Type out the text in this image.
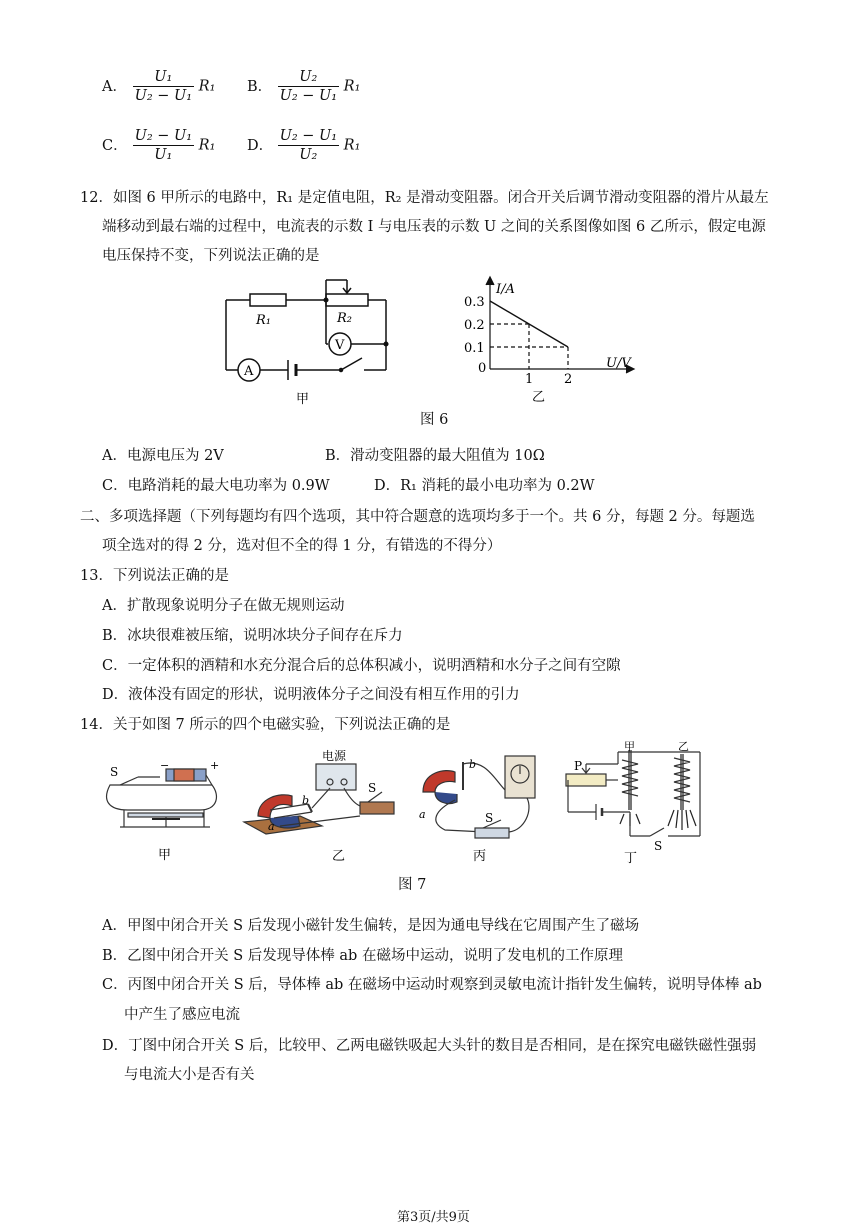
A． $\frac{\text{U₁}}{\text{U₂ − U₁}} R_1$ B． $\frac{\text{U₂}}{\text{U₂ − U₁}} R_1$
C． $\frac{\text{U₂ − U₁}}{\text{U₁}} R_1$ D． $\frac{\text{U₂ − U₁}}{\text{U₂}} R_1$
12．如图 6 甲所示的电路中，R₁ 是定值电阻，R₂ 是滑动变阻器。闭合开关后调节滑动变阻器的滑片从最左
端移动到最右端的过程中，电流表的示数 I 与电压表的示数 U 之间的关系图像如图 6 乙所示，假定电源
电压保持不变，下列说法正确的是
R₁	R₂
A
V
甲
I/A
U/V
0.3
0.2
0.1
0
1 2
乙
图 6
A．电源电压为 2V	B．滑动变阻器的最大阻值为 10Ω
C．电路消耗的最大电功率为 0.9W	D．R₁ 消耗的最小电功率为 0.2W
二、多项选择题（下列每题均有四个选项，其中符合题意的选项均多于一个。共 6 分，每题 2 分。每题选
项全选对的得 2 分，选对但不全的得 1 分，有错选的不得分）
13．下列说法正确的是
A．扩散现象说明分子在做无规则运动
B．冰块很难被压缩，说明冰块分子间存在斥力
C．一定体积的酒精和水充分混合后的总体积减小，说明酒精和水分子之间有空隙
D．液体没有固定的形状，说明液体分子之间没有相互作用的引力
14．关于如图 7 所示的四个电磁实验，下列说法正确的是
S	−	+
甲
电源
S
b
a
乙
b
a	S
丙
甲	乙
P
S
丁
图 7
A．甲图中闭合开关 S 后发现小磁针发生偏转，是因为通电导线在它周围产生了磁场
B．乙图中闭合开关 S 后发现导体棒 ab 在磁场中运动，说明了发电机的工作原理
C．丙图中闭合开关 S 后，导体棒 ab 在磁场中运动时观察到灵敏电流计指针发生偏转，说明导体棒 ab
中产生了感应电流
D．丁图中闭合开关 S 后，比较甲、乙两电磁铁吸起大头针的数目是否相同，是在探究电磁铁磁性强弱
与电流大小是否有关
第3页/共9页
